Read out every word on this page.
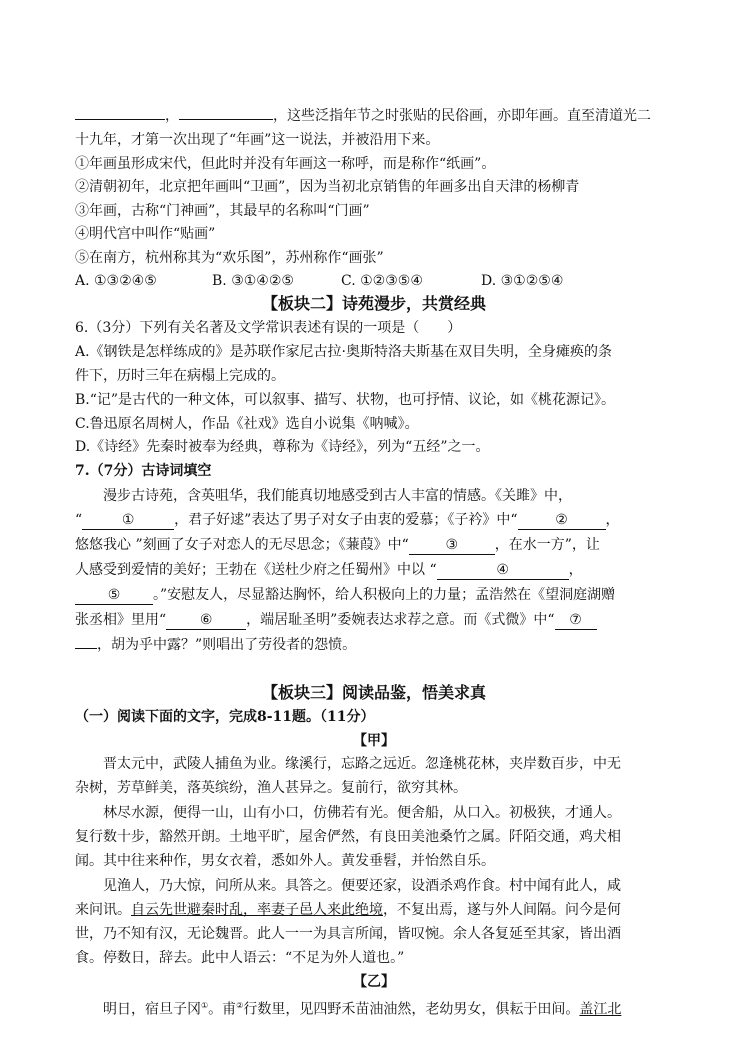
，	，这些泛指年节之时张贴的民俗画，亦即年画。直至清道光二
十九年，才第一次出现了“年画”这一说法，并被沿用下来。
①年画虽形成宋代，但此时并没有年画这一称呼，而是称作“纸画”。
②清朝初年，北京把年画叫“卫画”，因为当初北京销售的年画多出自天津的杨柳青
③年画，古称“门神画”，其最早的名称叫“门画”
④明代宫中叫作“贴画”
⑤在南方，杭州称其为“欢乐图”，苏州称作“画张”
A. ①③②④⑤	B. ③①④②⑤	C. ①②③⑤④	D. ③①②⑤④
【板块二】诗苑漫步，共赏经典
6.（3分）下列有关名著及文学常识表述有误的一项是（　　）
A.《钢铁是怎样练成的》是苏联作家尼古拉·奥斯特洛夫斯基在双目失明，全身瘫痪的条
件下，历时三年在病榻上完成的。
B.“记”是古代的一种文体，可以叙事、描写、状物，也可抒情、议论，如《桃花源记》。
C.鲁迅原名周树人，作品《社戏》选自小说集《呐喊》。
D.《诗经》先秦时被奉为经典，尊称为《诗经》，列为“五经”之一。
7.（7分）古诗词填空
漫步古诗苑，含英咀华，我们能真切地感受到古人丰富的情感。《关雎》中，
“	①	，君子好逑”表达了男子对女子由衷的爱慕；《子衿》中“	②	，
悠悠我心 ”刻画了女子对恋人的无尽思念；《蒹葭》中“	③	，在水一方”，让
人感受到爱情的美好；王勃在《送杜少府之任蜀州》中以 “	④	，
⑤ 。”安慰友人，尽显豁达胸怀，给人积极向上的力量；孟浩然在《望洞庭湖赠
张丞相》里用“ ⑥ ，端居耻圣明”委婉表达求荐之意。而《式微》中“ ⑦
，胡为乎中露？”则唱出了劳役者的怨愤。
【板块三】阅读品鉴，悟美求真
（一）阅读下面的文字，完成8-11题。（11分）
【甲】
晋太元中，武陵人捕鱼为业。缘溪行，忘路之远近。忽逢桃花林，夹岸数百步，中无
杂树，芳草鲜美，落英缤纷，渔人甚异之。复前行，欲穷其林。
林尽水源，便得一山，山有小口，仿佛若有光。便舍船，从口入。初极狭，才通人。
复行数十步，豁然开朗。土地平旷，屋舍俨然，有良田美池桑竹之属。阡陌交通，鸡犬相
闻。其中往来种作，男女衣着，悉如外人。黄发垂髫，并怡然自乐。
见渔人，乃大惊，问所从来。具答之。便要还家，设酒杀鸡作食。村中闻有此人，咸
来问讯。自云先世避秦时乱，率妻子邑人来此绝境，不复出焉，遂与外人间隔。问今是何
世，乃不知有汉，无论魏晋。此人一一为具言所闻，皆叹惋。余人各复延至其家，皆出酒
食。停数日，辞去。此中人语云：“不足为外人道也。”
【乙】
明日，宿旦子冈①。甫②行数里，见四野禾苗油油然，老幼男女，俱耘于田间。盖江北
